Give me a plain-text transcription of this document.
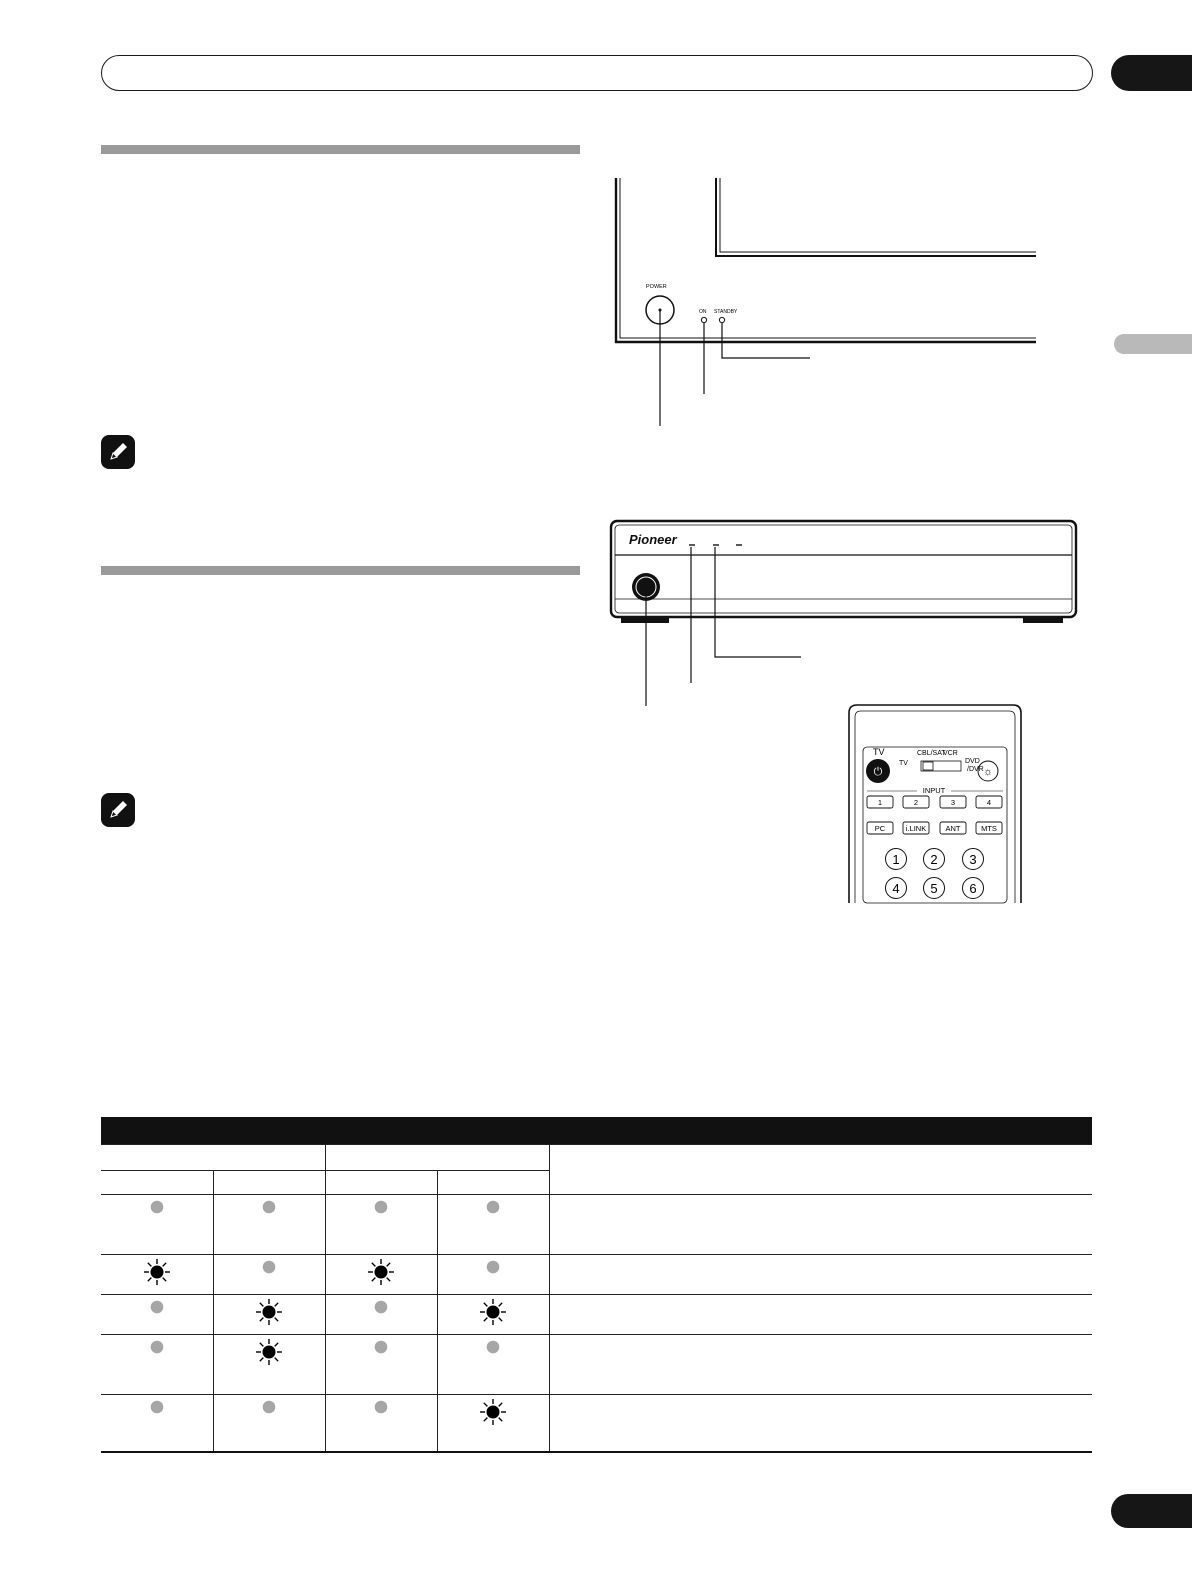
POWER
ON STANDBY
Pioneer
TV
⏻	☼
INPUT
1	2	3	4
PC	i.LINK	ANT	MTS
1 2 3
4 5 6
TV
CBL/SAT
VCR
DVD
/DVR
